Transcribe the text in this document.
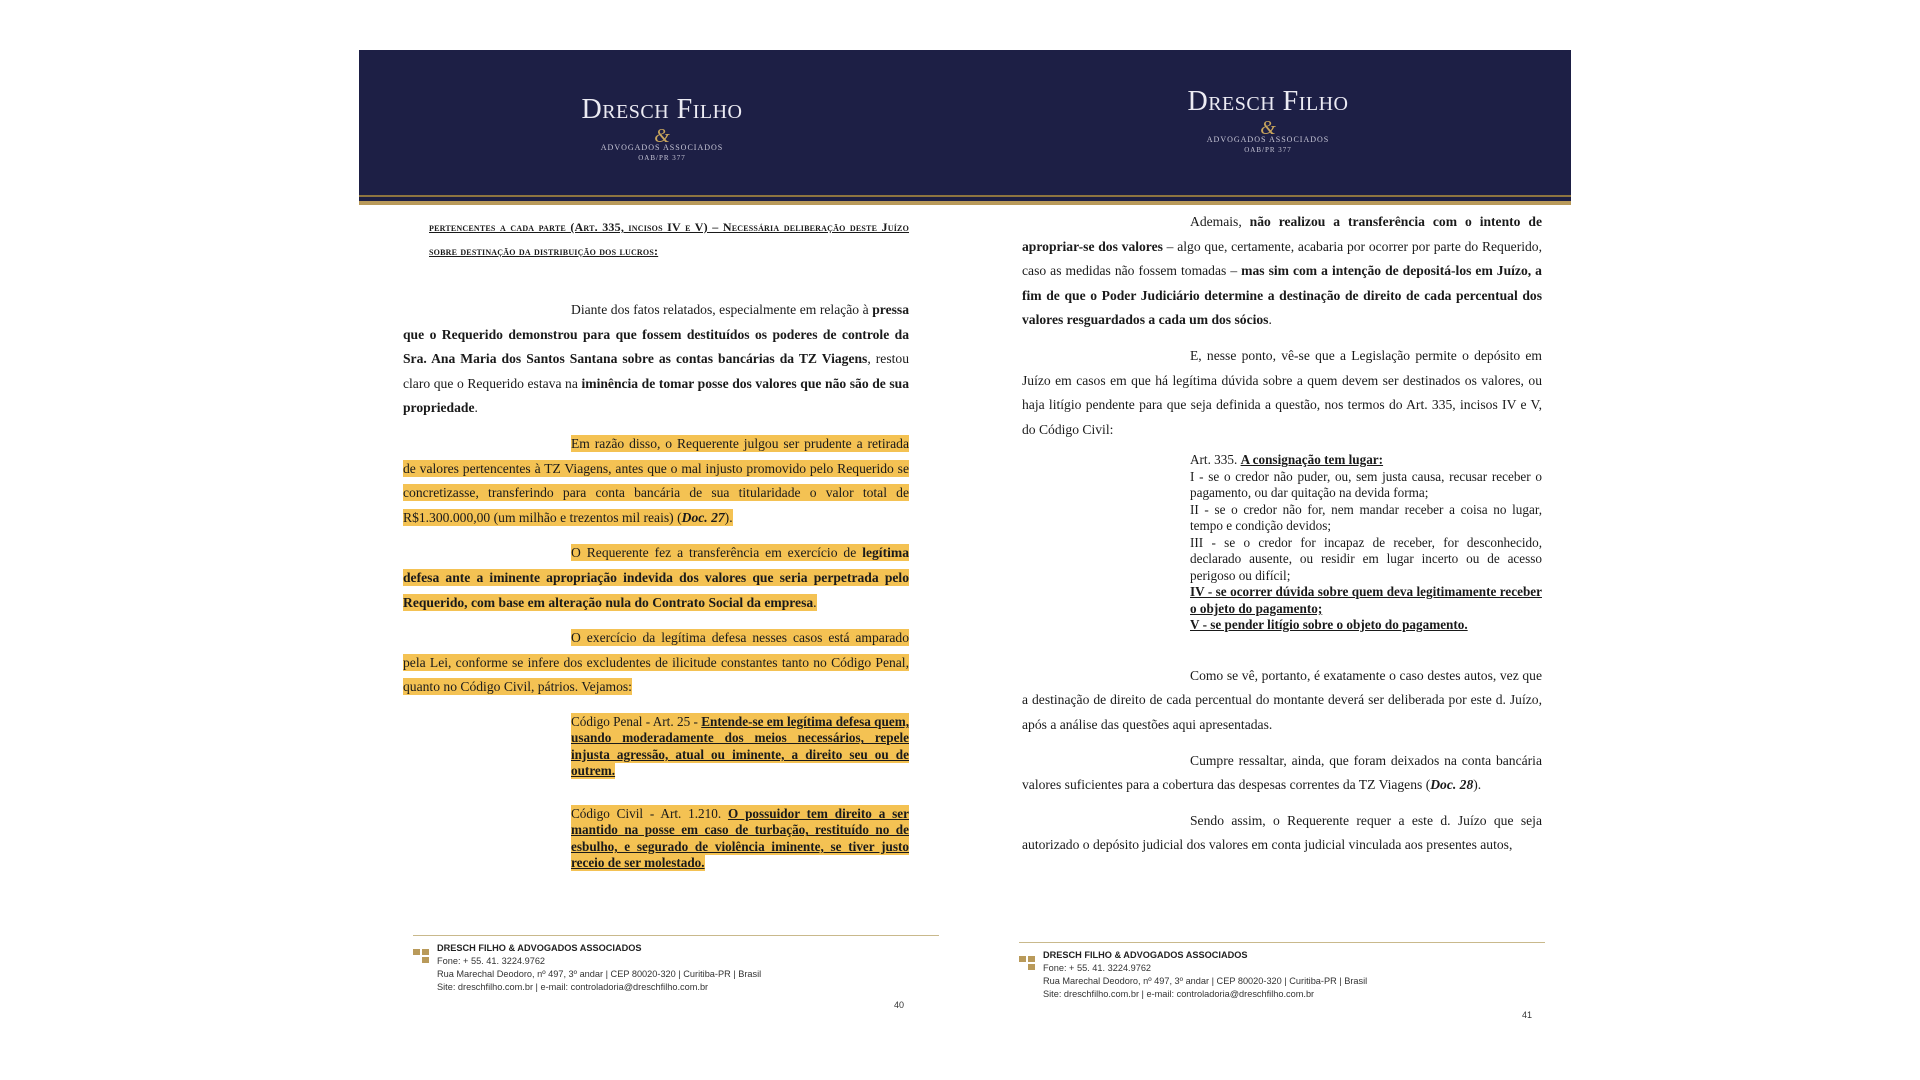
Dresch Filho
&
ADVOGADOS ASSOCIADOS
OAB/PR 377

pertencentes a cada parte (Art. 335, incisos IV e V) – Necessária deliberação deste Juízo sobre destinação da distribuição dos lucros:

Diante dos fatos relatados, especialmente em relação à pressa que o Requerido demonstrou para que fossem destituídos os poderes de controle da Sra. Ana Maria dos Santos Santana sobre as contas bancárias da TZ Viagens, restou claro que o Requerido estava na iminência de tomar posse dos valores que não são de sua propriedade.

Em razão disso, o Requerente julgou ser prudente a retirada de valores pertencentes à TZ Viagens, antes que o mal injusto promovido pelo Requerido se concretizasse, transferindo para conta bancária de sua titularidade o valor total de R$1.300.000,00 (um milhão e trezentos mil reais) (Doc. 27).

O Requerente fez a transferência em exercício de legítima defesa ante a iminente apropriação indevida dos valores que seria perpetrada pelo Requerido, com base em alteração nula do Contrato Social da empresa.

O exercício da legítima defesa nesses casos está amparado pela Lei, conforme se infere dos excludentes de ilicitude constantes tanto no Código Penal, quanto no Código Civil, pátrios. Vejamos:

Código Penal - Art. 25 - Entende-se em legítima defesa quem, usando moderadamente dos meios necessários, repele injusta agressão, atual ou iminente, a direito seu ou de outrem.
Código Civil - Art. 1.210. O possuidor tem direito a ser mantido na posse em caso de turbação, restituído no de esbulho, e segurado de violência iminente, se tiver justo receio de ser molestado.
DRESCH FILHO & ADVOGADOS ASSOCIADOS
Fone: + 55. 41. 3224.9762
Rua Marechal Deodoro, nº 497, 3º andar | CEP 80020-320 | Curitiba-PR | Brasil
Site: dreschfilho.com.br | e-mail: controladoria@dreschfilho.com.br
40
Dresch Filho
&
ADVOGADOS ASSOCIADOS
OAB/PR 377

Ademais, não realizou a transferência com o intento de apropriar-se dos valores – algo que, certamente, acabaria por ocorrer por parte do Requerido, caso as medidas não fossem tomadas – mas sim com a intenção de depositá-los em Juízo, a fim de que o Poder Judiciário determine a destinação de direito de cada percentual dos valores resguardados a cada um dos sócios.

E, nesse ponto, vê-se que a Legislação permite o depósito em Juízo em casos em que há legítima dúvida sobre a quem devem ser destinados os valores, ou haja litígio pendente para que seja definida a questão, nos termos do Art. 335, incisos IV e V, do Código Civil:

Art. 335. A consignação tem lugar:
I - se o credor não puder, ou, sem justa causa, recusar receber o pagamento, ou dar quitação na devida forma;
II - se o credor não for, nem mandar receber a coisa no lugar, tempo e condição devidos;
III - se o credor for incapaz de receber, for desconhecido, declarado ausente, ou residir em lugar incerto ou de acesso perigoso ou difícil;
IV - se ocorrer dúvida sobre quem deva legitimamente receber o objeto do pagamento;
V - se pender litígio sobre o objeto do pagamento.

Como se vê, portanto, é exatamente o caso destes autos, vez que a destinação de direito de cada percentual do montante deverá ser deliberada por este d. Juízo, após a análise das questões aqui apresentadas.

Cumpre ressaltar, ainda, que foram deixados na conta bancária valores suficientes para a cobertura das despesas correntes da TZ Viagens (Doc. 28).

Sendo assim, o Requerente requer a este d. Juízo que seja autorizado o depósito judicial dos valores em conta judicial vinculada aos presentes autos,

DRESCH FILHO & ADVOGADOS ASSOCIADOS
Fone: + 55. 41. 3224.9762
Rua Marechal Deodoro, nº 497, 3º andar | CEP 80020-320 | Curitiba-PR | Brasil
Site: dreschfilho.com.br | e-mail: controladoria@dreschfilho.com.br
41
